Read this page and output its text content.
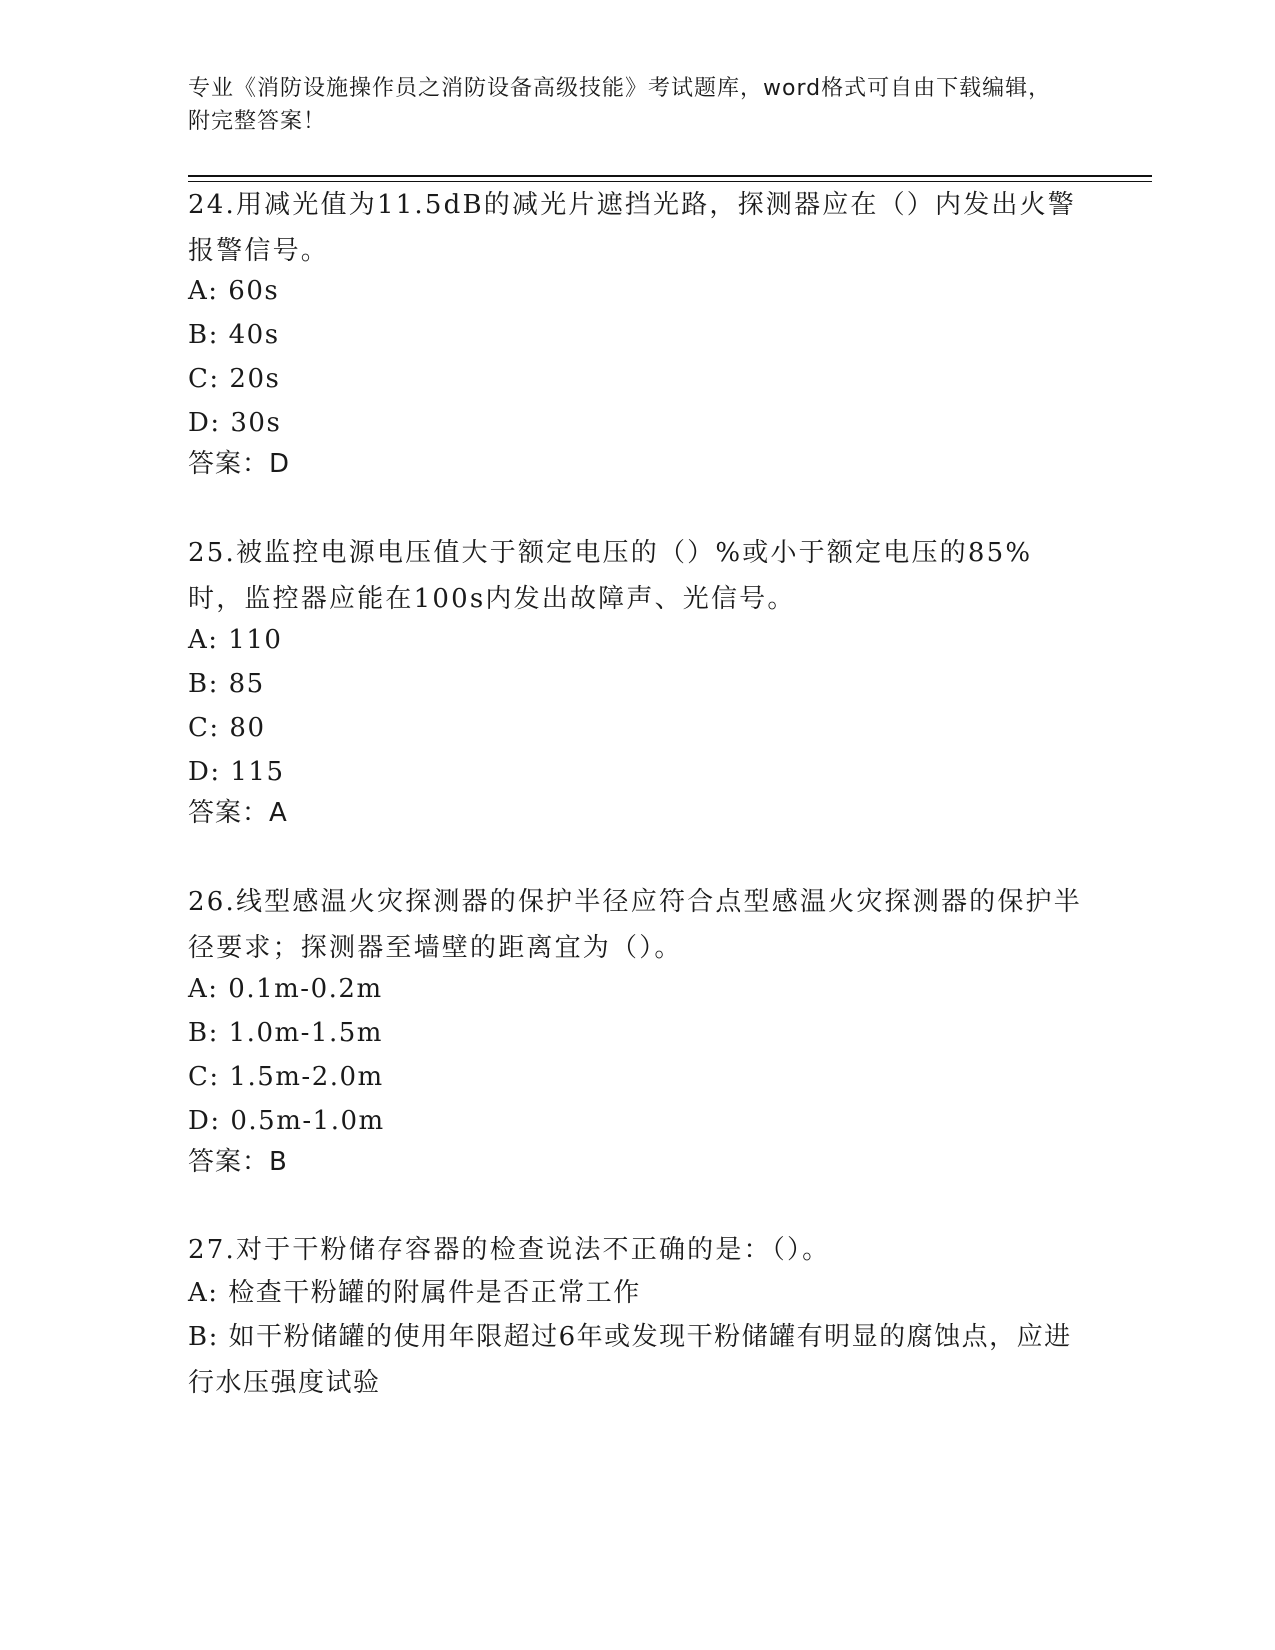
专业《消防设施操作员之消防设备高级技能》考试题库，word格式可自由下载编辑，附完整答案！
24.用减光值为11.5dB的减光片遮挡光路，探测器应在（）内发出火警报警信号。
A: 60s
B: 40s
C: 20s
D: 30s
答案：D
25.被监控电源电压值大于额定电压的（）%或小于额定电压的85%时，监控器应能在100s内发出故障声、光信号。
A: 110
B: 85
C: 80
D: 115
答案：A
26.线型感温火灾探测器的保护半径应符合点型感温火灾探测器的保护半径要求；探测器至墙壁的距离宜为（）。
A: 0.1m-0.2m
B: 1.0m-1.5m
C: 1.5m-2.0m
D: 0.5m-1.0m
答案：B
27.对于干粉储存容器的检查说法不正确的是：（）。
A: 检查干粉罐的附属件是否正常工作
B: 如干粉储罐的使用年限超过6年或发现干粉储罐有明显的腐蚀点，应进行水压强度试验
